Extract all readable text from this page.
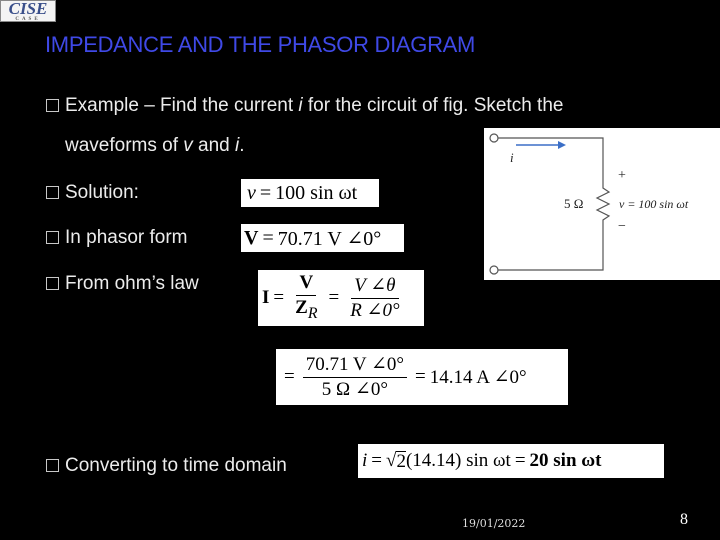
CISE
CASE
IMPEDANCE AND THE PHASOR DIAGRAM
Example – Find the current i for the circuit of fig. Sketch the
waveforms of v and i.
Solution:
In phasor form
From ohm’s law
Converting to time domain
v = 100 sin ωt
V = 70.71 V ∠0°
$I = \frac{V}{Z_R} = \frac{V \angle\theta}{R \angle 0^\circ}$
= $\frac{70.71 V \angle 0^\circ}{5 \Omega \angle 0^\circ} = 14.14$ A ∠0°
i = √ 2 (14.14) sin ωt = 20
sin ωt
i
5 Ω
+
−
v = 100 sin ωt
19/01/2022	8
